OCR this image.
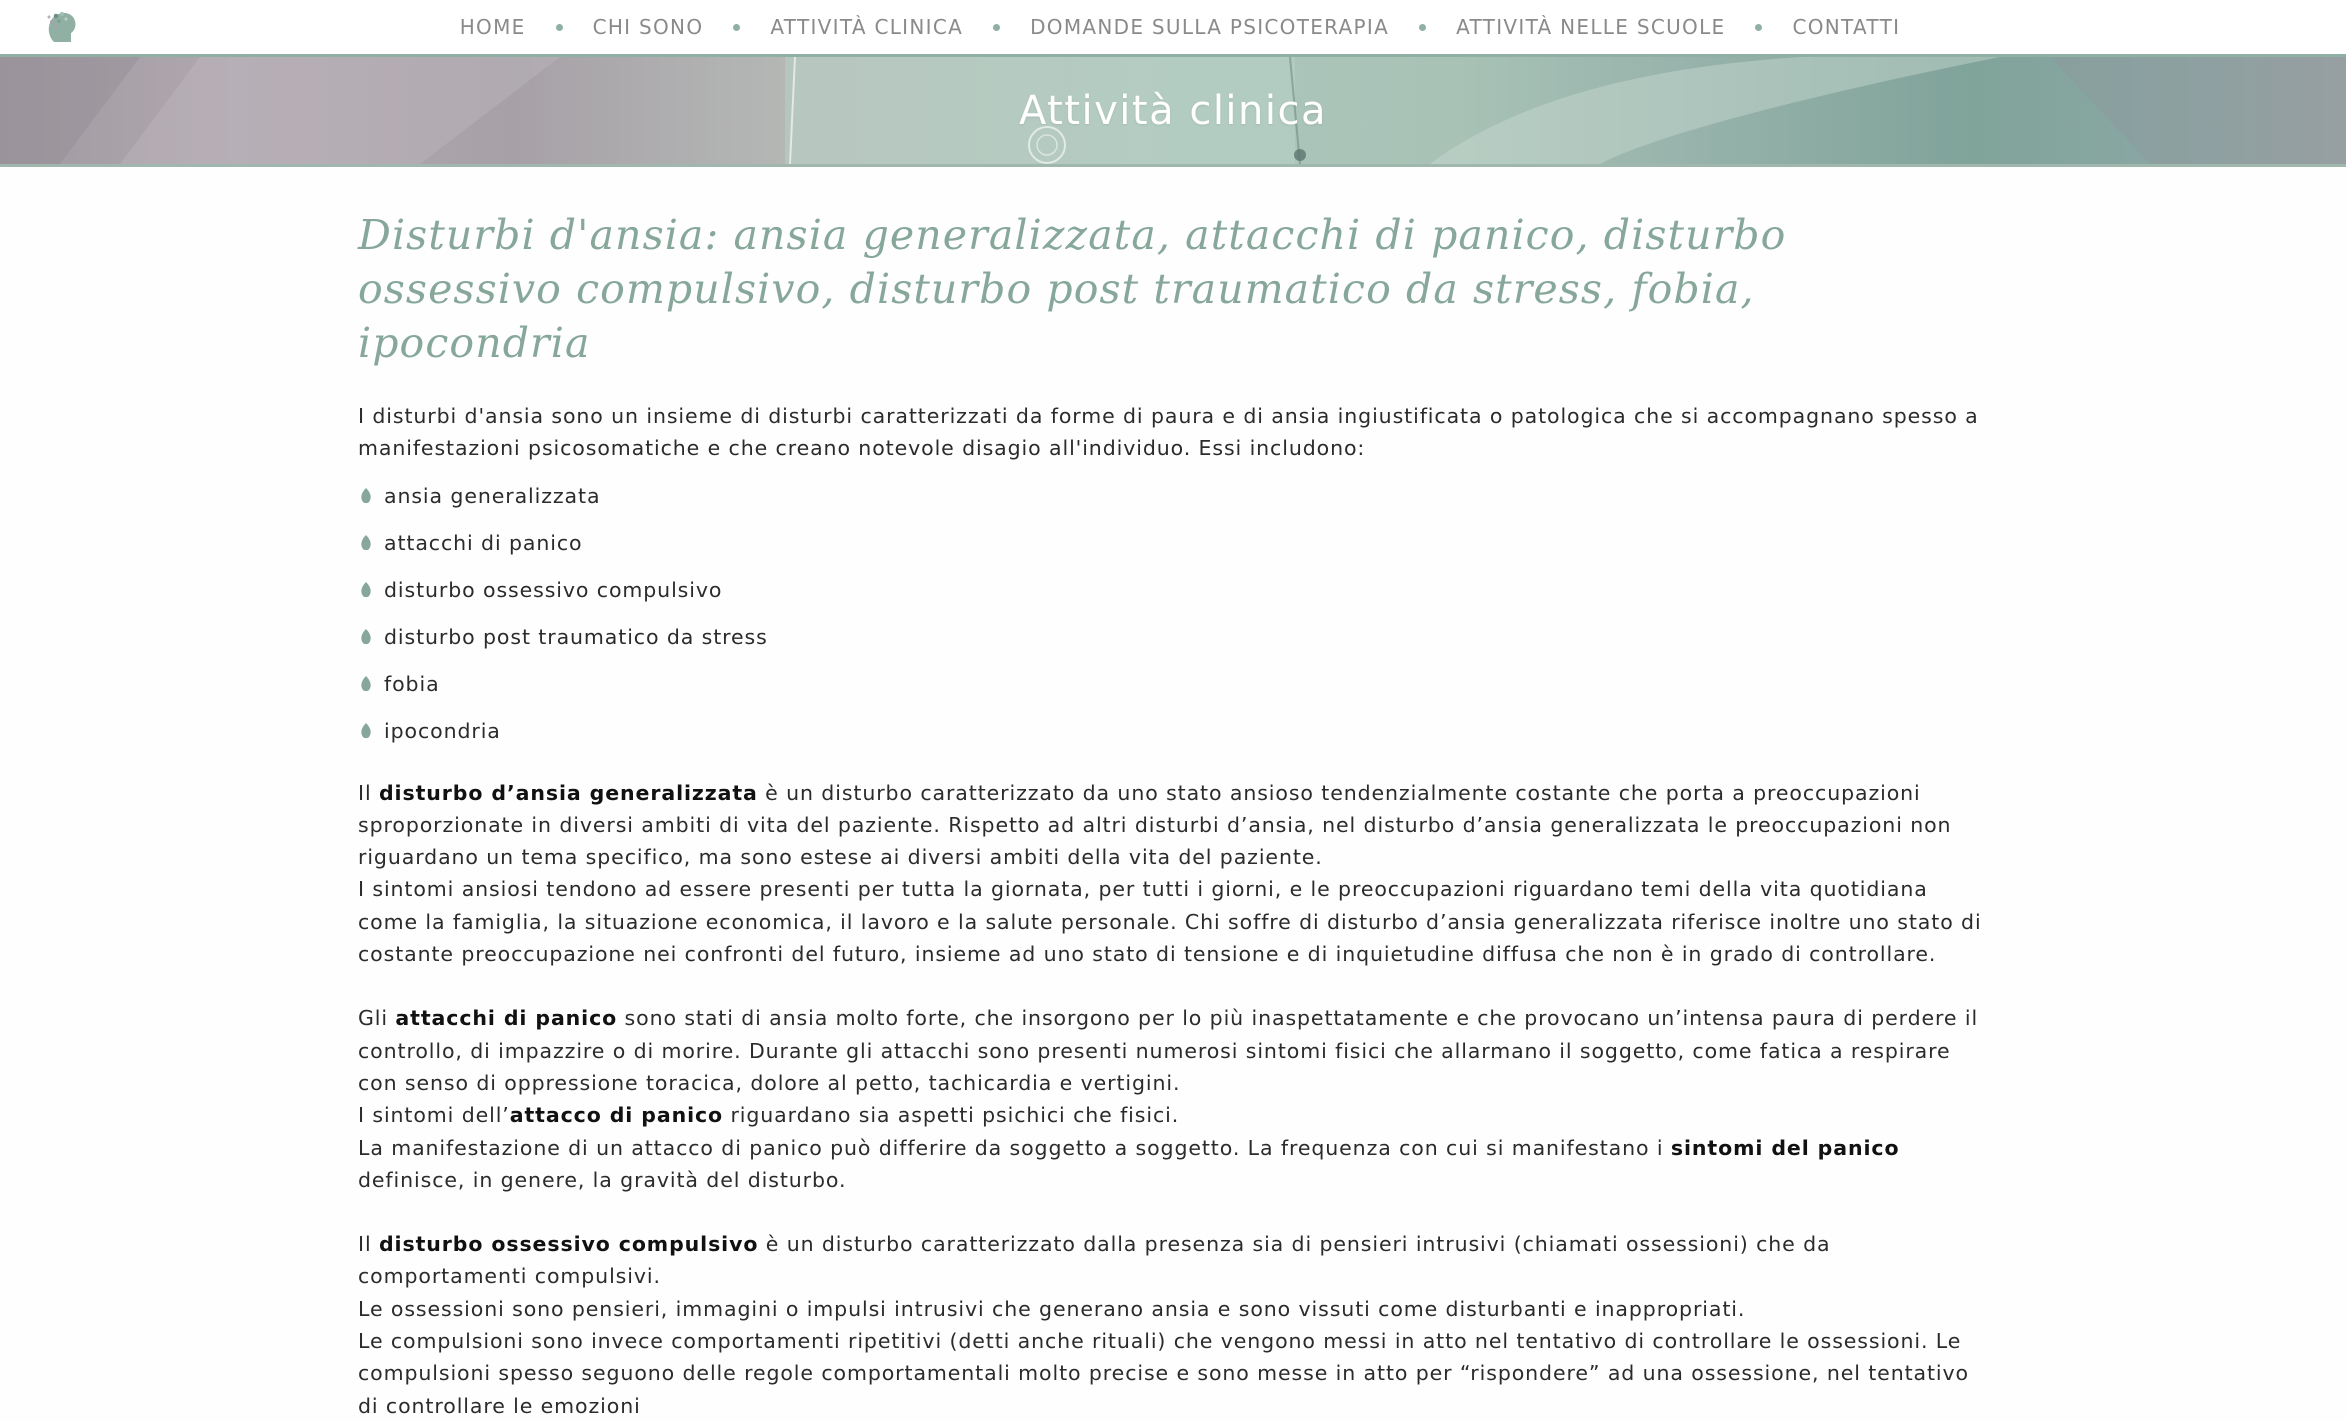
HOME	CHI SONO	ATTIVITÀ CLINICA	DOMANDE SULLA PSICOTERAPIA	ATTIVITÀ NELLE SCUOLE	CONTATTI
Attività clinica
Disturbi d'ansia: ansia generalizzata, attacchi di panico, disturbo ossessivo compulsivo, disturbo post traumatico da stress, fobia, ipocondria

I disturbi d'ansia sono un insieme di disturbi caratterizzati da forme di paura e di ansia ingiustificata o patologica che si accompagnano spesso a manifestazioni psicosomatiche e che creano notevole disagio all'individuo. Essi includono:

ansia generalizzata
attacchi di panico
disturbo ossessivo compulsivo
disturbo post traumatico da stress
fobia
ipocondria

Il disturbo d’ansia generalizzata è un disturbo caratterizzato da uno stato ansioso tendenzialmente costante che porta a preoccupazioni sproporzionate in diversi ambiti di vita del paziente. Rispetto ad altri disturbi d’ansia, nel disturbo d’ansia generalizzata le preoccupazioni non riguardano un tema specifico, ma sono estese ai diversi ambiti della vita del paziente.

I sintomi ansiosi tendono ad essere presenti per tutta la giornata, per tutti i giorni, e le preoccupazioni riguardano temi della vita quotidiana come la famiglia, la situazione economica, il lavoro e la salute personale. Chi soffre di disturbo d’ansia generalizzata riferisce inoltre uno stato di costante preoccupazione nei confronti del futuro, insieme ad uno stato di tensione e di inquietudine diffusa che non è in grado di controllare.

Gli attacchi di panico sono stati di ansia molto forte, che insorgono per lo più inaspettatamente e che provocano un’intensa paura di perdere il controllo, di impazzire o di morire. Durante gli attacchi sono presenti numerosi sintomi fisici che allarmano il soggetto, come fatica a respirare con senso di oppressione toracica, dolore al petto, tachicardia e vertigini.

I sintomi dell’attacco di panico riguardano sia aspetti psichici che fisici.

La manifestazione di un attacco di panico può differire da soggetto a soggetto. La frequenza con cui si manifestano i sintomi del panico definisce, in genere, la gravità del disturbo.

Il disturbo ossessivo compulsivo è un disturbo caratterizzato dalla presenza sia di pensieri intrusivi (chiamati ossessioni) che da comportamenti compulsivi.

Le ossessioni sono pensieri, immagini o impulsi intrusivi che generano ansia e sono vissuti come disturbanti e inappropriati.

Le compulsioni sono invece comportamenti ripetitivi (detti anche rituali) che vengono messi in atto nel tentativo di controllare le ossessioni. Le compulsioni spesso seguono delle regole comportamentali molto precise e sono messe in atto per “rispondere” ad una ossessione, nel tentativo di controllare le emozioni
